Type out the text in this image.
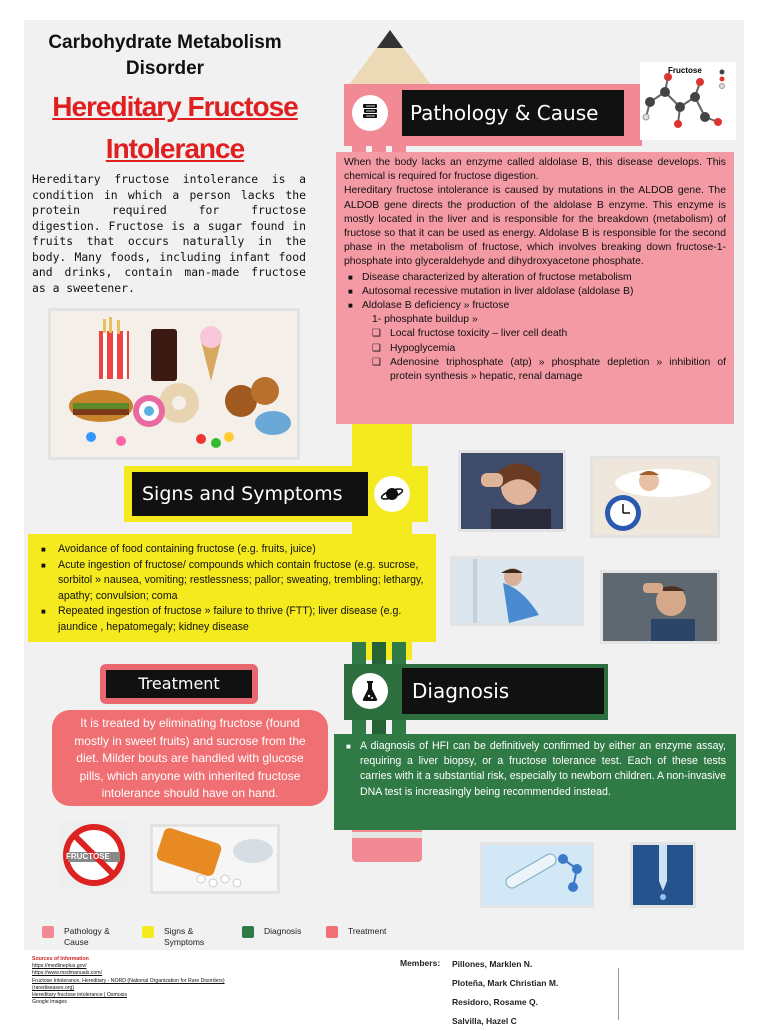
Carbohydrate Metabolism Disorder
Hereditary Fructose Intolerance
Hereditary fructose intolerance is a condition in which a person lacks the protein required for fructose digestion. Fructose is a sugar found in fruits that occurs naturally in the body. Many foods, including infant food and drinks, contain man-made fructose as a sweetener.
Pathology & Cause
Fructose
When the body lacks an enzyme called aldolase B, this disease develops. This chemical is required for fructose digestion.
Hereditary fructose intolerance is caused by mutations in the ALDOB gene. The ALDOB gene directs the production of the aldolase B enzyme. This enzyme is mostly located in the liver and is responsible for the breakdown (metabolism) of fructose so that it can be used as energy. Aldolase B is responsible for the second phase in the metabolism of fructose, which involves breaking down fructose-1-phosphate into glyceraldehyde and dihydroxyacetone phosphate.
■ Disease characterized by alteration of fructose metabolism
■ Autosomal recessive mutation in liver aldolase (aldolase B)
■ Aldolase B deficiency » fructose
1- phosphate buildup »
❑ Local fructose toxicity – liver cell death
❑ Hypoglycemia
❑ Adenosine triphosphate (atp) » phosphate depletion » inhibition of protein synthesis » hepatic, renal damage
Signs and Symptoms
■ Avoidance of food containing fructose (e.g. fruits, juice)
■ Acute ingestion of fructose/ compounds which contain fructose (e.g. sucrose, sorbitol » nausea, vomiting; restlessness; pallor; sweating, trembling; lethargy, apathy; convulsion; coma
■ Repeated ingestion of fructose » failure to thrive (FTT); liver disease (e.g. jaundice , hepatomegaly; kidney disease
Treatment
It is treated by eliminating fructose (found mostly in sweet fruits) and sucrose from the diet. Milder bouts are handled with glucose pills, which anyone with inherited fructose intolerance should have on hand.
FRUCTOSE
Diagnosis
■ A diagnosis of HFI can be definitively confirmed by either an enzyme assay, requiring a liver biopsy, or a fructose tolerance test. Each of these tests carries with it a substantial risk, especially to newborn children. A non-invasive DNA test is increasingly being recommended instead.
Pathology & Cause
Signs & Symptoms
Diagnosis	Treatment
Sources of Information
https://medlineplus.gov/
https://www.msdmanuals.com/
Fructose Intolerance, Hereditary - NORD (National Organization for Rare Disorders) (rarediseases.org)
Hereditary fructose intolerance | Osmosis
Google images
Members: Pillones, Marklen N.
Ploteña, Mark Christian M.
Residoro, Rosame Q.
Salvilla, Hazel C
